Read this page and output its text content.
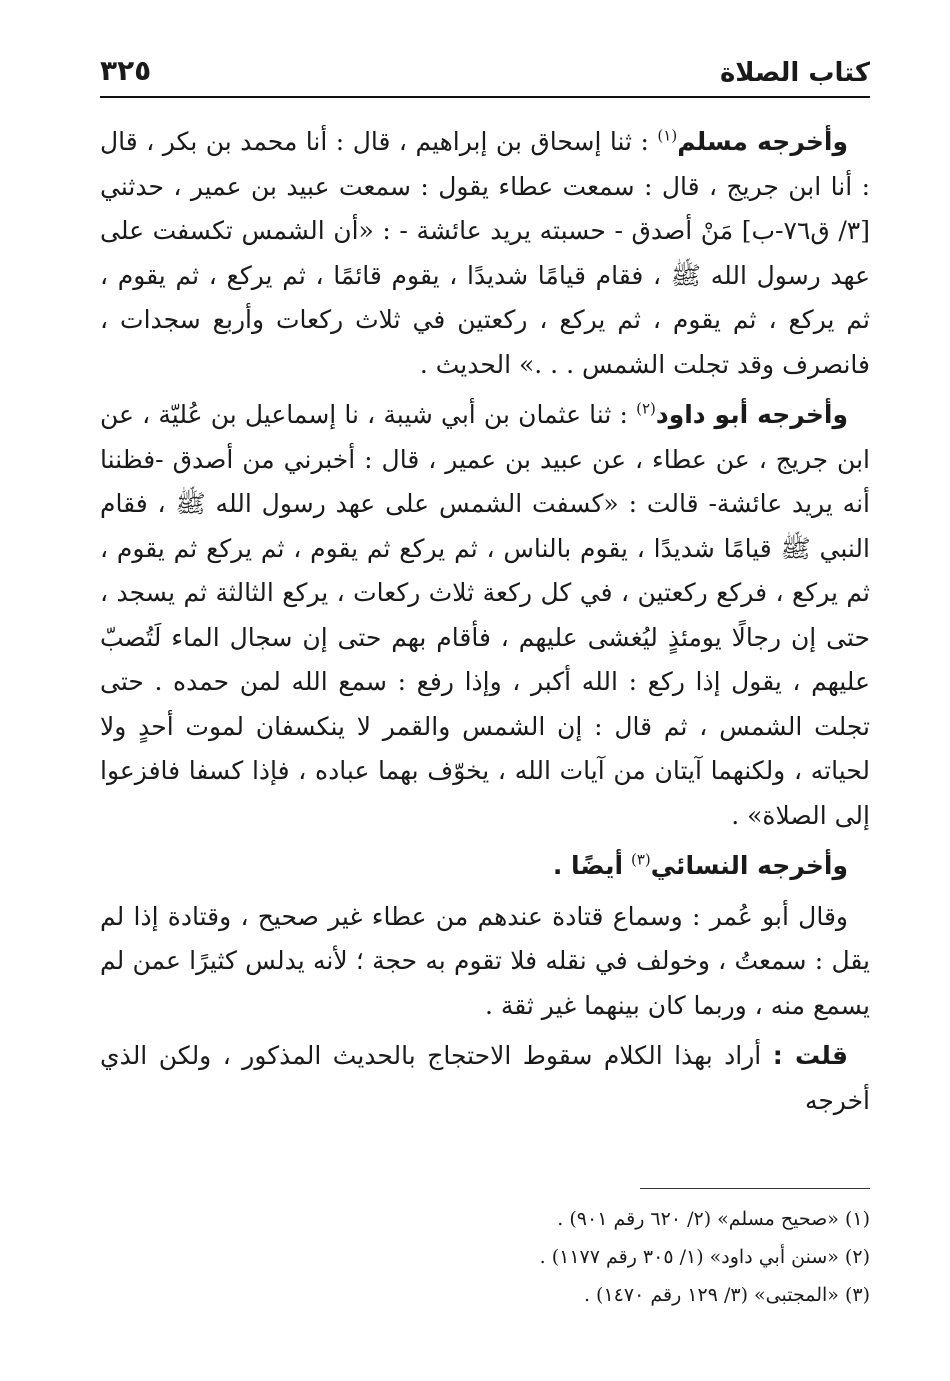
كتاب الصلاة
٣٢٥

وأخرجه مسلم$^{(١)}$ : ثنا إسحاق بن إبراهيم ، قال : أنا محمد بن بكر ، قال : أنا ابن جريج ، قال : سمعت عطاء يقول : سمعت عبيد بن عمير ، حدثني [٣/ ق٧٦-ب] مَنْ أصدق - حسبته يريد عائشة - : «أن الشمس تكسفت على عهد رسول الله ﷺ ، فقام قيامًا شديدًا ، يقوم قائمًا ، ثم يركع ، ثم يقوم ، ثم يركع ، ثم يقوم ، ثم يركع ، ركعتين في ثلاث ركعات وأربع سجدات ، فانصرف وقد تجلت الشمس . . .» الحديث .

وأخرجه أبو داود$^{(٢)}$ : ثنا عثمان بن أبي شيبة ، نا إسماعيل بن عُليّة ، عن ابن جريج ، عن عطاء ، عن عبيد بن عمير ، قال : أخبرني من أصدق -فظننا أنه يريد عائشة- قالت : «كسفت الشمس على عهد رسول الله ﷺ ، فقام النبي ﷺ قيامًا شديدًا ، يقوم بالناس ، ثم يركع ثم يقوم ، ثم يركع ثم يقوم ، ثم يركع ، فركع ركعتين ، في كل ركعة ثلاث ركعات ، يركع الثالثة ثم يسجد ، حتى إن رجالًا يومئذٍ ليُغشى عليهم ، فأقام بهم حتى إن سجال الماء لَتُصبّ عليهم ، يقول إذا ركع : الله أكبر ، وإذا رفع : سمع الله لمن حمده . حتى تجلت الشمس ، ثم قال : إن الشمس والقمر لا ينكسفان لموت أحدٍ ولا لحياته ، ولكنهما آيتان من آيات الله ، يخوّف بهما عباده ، فإذا كسفا فافزعوا إلى الصلاة» .

وأخرجه النسائي$^{(٣)}$ أيضًا .

وقال أبو عُمر : وسماع قتادة عندهم من عطاء غير صحيح ، وقتادة إذا لم يقل : سمعتُ ، وخولف في نقله فلا تقوم به حجة ؛ لأنه يدلس كثيرًا عمن لم يسمع منه ، وربما كان بينهما غير ثقة .

قلت : أراد بهذا الكلام سقوط الاحتجاج بالحديث المذكور ، ولكن الذي أخرجه

(١) «صحيح مسلم» (٢/ ٦٢٠ رقم ٩٠١) .

(٢) «سنن أبي داود» (١/ ٣٠٥ رقم ١١٧٧) .

(٣) «المجتبى» (٣/ ١٢٩ رقم ١٤٧٠) .
